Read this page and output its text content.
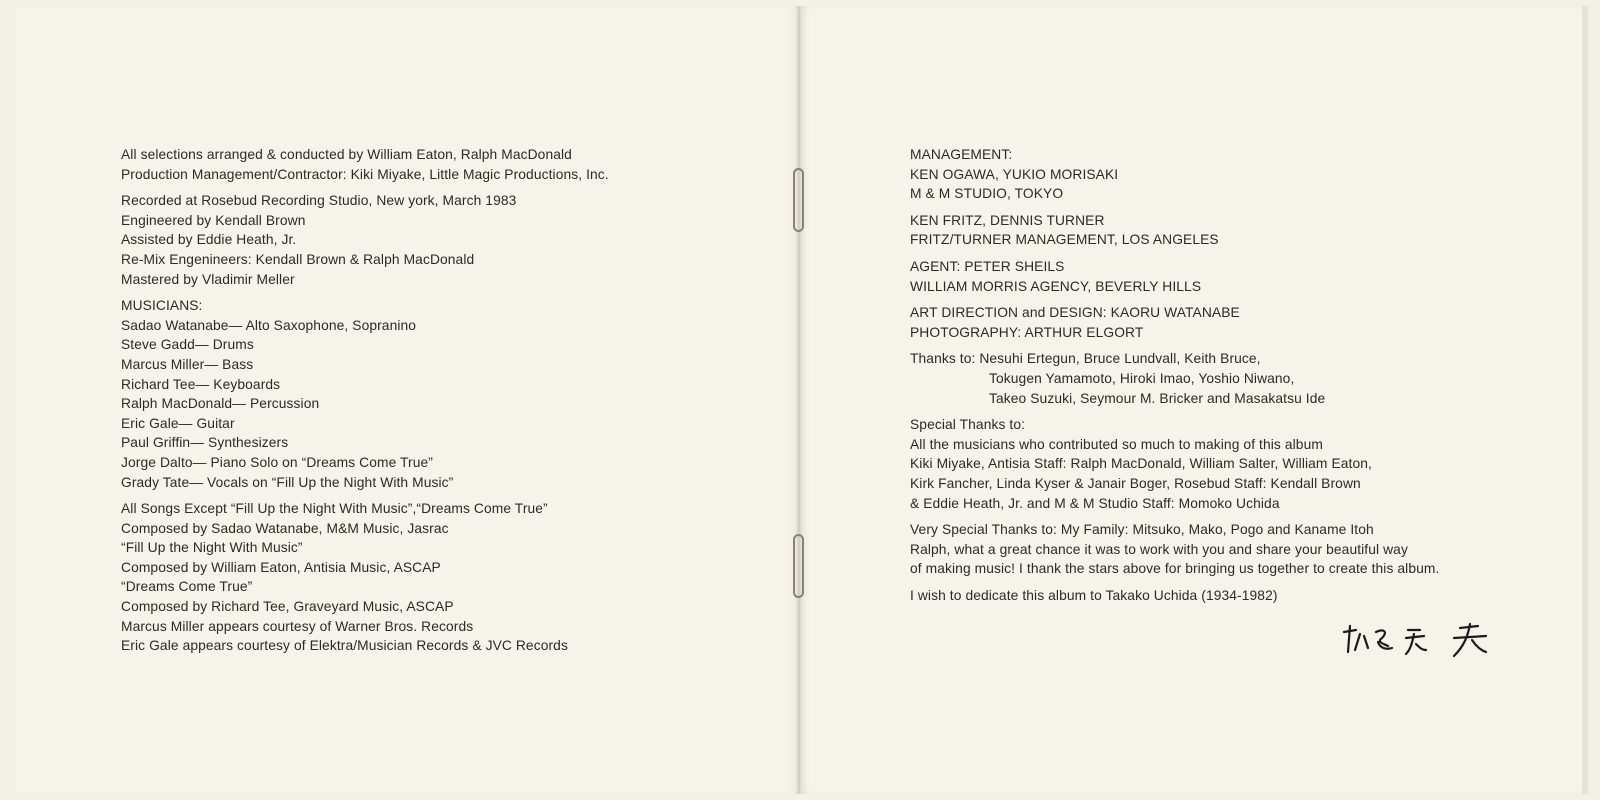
All selections arranged & conducted by William Eaton, Ralph MacDonald
Production Management/Contractor: Kiki Miyake, Little Magic Productions, Inc.
Recorded at Rosebud Recording Studio, New york, March 1983
Engineered by Kendall Brown
Assisted by Eddie Heath, Jr.
Re-Mix Engenineers: Kendall Brown & Ralph MacDonald
Mastered by Vladimir Meller
MUSICIANS:
Sadao Watanabe— Alto Saxophone, Sopranino
Steve Gadd— Drums
Marcus Miller— Bass
Richard Tee— Keyboards
Ralph MacDonald— Percussion
Eric Gale— Guitar
Paul Griffin— Synthesizers
Jorge Dalto— Piano Solo on “Dreams Come True”
Grady Tate— Vocals on “Fill Up the Night With Music”
All Songs Except “Fill Up the Night With Music”,“Dreams Come True”
Composed by Sadao Watanabe, M&M Music, Jasrac
“Fill Up the Night With Music”
Composed by William Eaton, Antisia Music, ASCAP
“Dreams Come True”
Composed by Richard Tee, Graveyard Music, ASCAP
Marcus Miller appears courtesy of Warner Bros. Records
Eric Gale appears courtesy of Elektra/Musician Records & JVC Records
MANAGEMENT:
KEN OGAWA, YUKIO MORISAKI
M & M STUDIO, TOKYO
KEN FRITZ, DENNIS TURNER
FRITZ/TURNER MANAGEMENT, LOS ANGELES
AGENT: PETER SHEILS
WILLIAM MORRIS AGENCY, BEVERLY HILLS
ART DIRECTION and DESIGN: KAORU WATANABE
PHOTOGRAPHY: ARTHUR ELGORT
Thanks to: Nesuhi Ertegun, Bruce Lundvall, Keith Bruce,
Tokugen Yamamoto, Hiroki Imao, Yoshio Niwano,
Takeo Suzuki, Seymour M. Bricker and Masakatsu Ide
Special Thanks to:
All the musicians who contributed so much to making of this album
Kiki Miyake, Antisia Staff: Ralph MacDonald, William Salter, William Eaton,
Kirk Fancher, Linda Kyser & Janair Boger, Rosebud Staff: Kendall Brown
& Eddie Heath, Jr. and M & M Studio Staff: Momoko Uchida
Very Special Thanks to: My Family: Mitsuko, Mako, Pogo and Kaname Itoh
Ralph, what a great chance it was to work with you and share your beautiful way
of making music! I thank the stars above for bringing us together to create this album.
I wish to dedicate this album to Takako Uchida (1934-1982)
